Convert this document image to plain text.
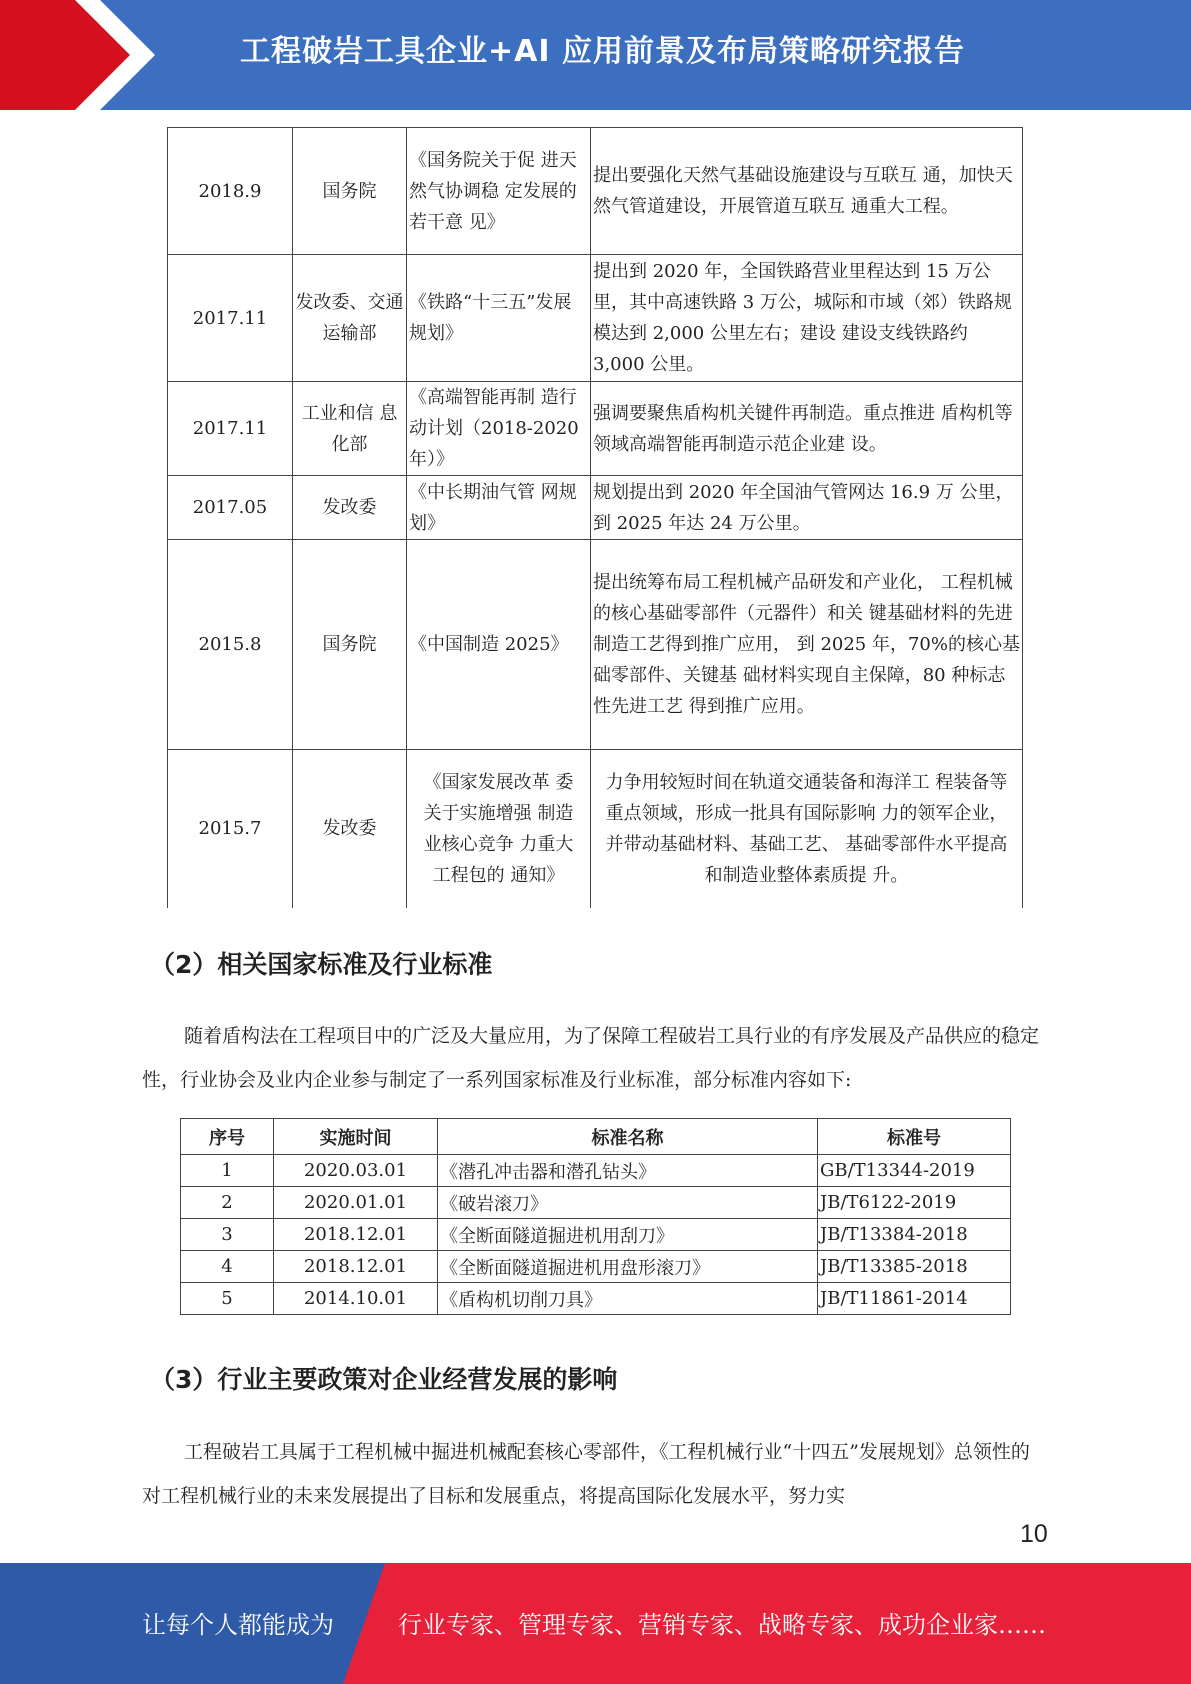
工程破岩工具企业+AI 应用前景及布局策略研究报告
2018.9	国务院	《国务院关于促 进天然气协调稳 定发展的若干意 见》	提出要强化天然气基础设施建设与互联互 通，加快天然气管道建设，开展管道互联互 通重大工程。
2017.11	发改委、交通运输部	《铁路“十三五”发展规划》	提出到 2020 年，全国铁路营业里程达到 15 万公里，其中高速铁路 3 万公，城际和市域（郊）铁路规模达到 2,000 公里左右；建设 建设支线铁路约 3,000 公里。
2017.11	工业和信 息化部	《高端智能再制 造行动计划（2018-2020 年）》	强调要聚焦盾构机关键件再制造。重点推进 盾构机等领域高端智能再制造示范企业建 设。
2017.05	发改委	《中长期油气管 网规划》	规划提出到 2020 年全国油气管网达 16.9 万 公里，到 2025 年达 24 万公里。
2015.8	国务院	《中国制造 2025》	提出统筹布局工程机械产品研发和产业化， 工程机械的核心基础零部件（元器件）和关 键基础材料的先进制造工艺得到推广应用， 到 2025 年，70%的核心基础零部件、关键基 础材料实现自主保障，80 种标志性先进工艺 得到推广应用。
2015.7	发改委	《国家发展改革 委关于实施增强 制造业核心竞争 力重大工程包的 通知》	力争用较短时间在轨道交通装备和海洋工 程装备等重点领域，形成一批具有国际影响 力的领军企业，并带动基础材料、基础工艺、 基础零部件水平提高和制造业整体素质提 升。
（2）相关国家标准及行业标准
随着盾构法在工程项目中的广泛及大量应用，为了保障工程破岩工具行业的有序发展及产品供应的稳定性，行业协会及业内企业参与制定了一系列国家标准及行业标准，部分标准内容如下:
序号	实施时间	标准名称	标准号
1	2020.03.01	《潜孔冲击器和潜孔钻头》	GB/T13344-2019
2	2020.01.01	《破岩滚刀》	JB/T6122-2019
3	2018.12.01	《全断面隧道掘进机用刮刀》	JB/T13384-2018
4	2018.12.01	《全断面隧道掘进机用盘形滚刀》	JB/T13385-2018
5	2014.10.01	《盾构机切削刀具》	JB/T11861-2014
（3）行业主要政策对企业经营发展的影响
工程破岩工具属于工程机械中掘进机械配套核心零部件，《工程机械行业“十四五”发展规划》总领性的对工程机械行业的未来发展提出了目标和发展重点，将提高国际化发展水平，努力实
10
让每个人都能成为	行业专家、管理专家、营销专家、战略专家、成功企业家……
